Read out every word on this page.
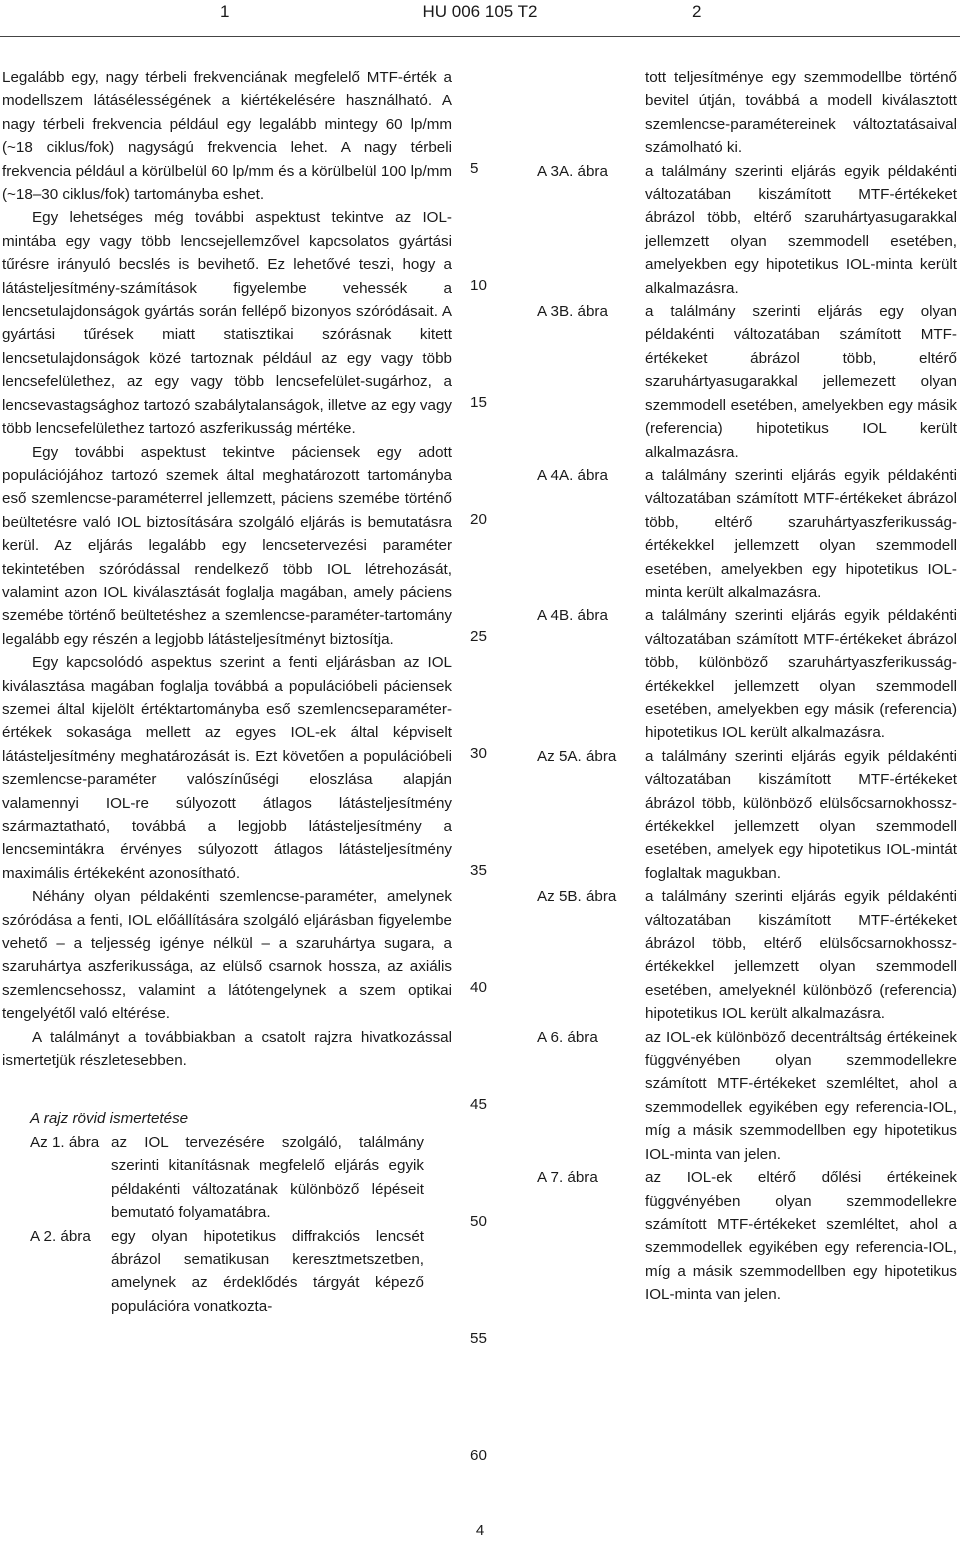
1	HU 006 105 T2	2

Legalább egy, nagy térbeli frekvenciának megfelelő MTF-érték a modellszem látásélességének a kiértékelésére használható. A nagy térbeli frekvencia például egy legalább mintegy 60 lp/mm (~18 ciklus/fok) nagyságú frekvencia lehet. A nagy térbeli frekvencia például a körülbelül 60 lp/mm és a körülbelül 100 lp/mm (~18–30 ciklus/fok) tartományba eshet.

Egy lehetséges még további aspektust tekintve az IOL-mintába egy vagy több lencsejellemzővel kapcsolatos gyártási tűrésre irányuló becslés is bevihető. Ez lehetővé teszi, hogy a látásteljesítmény-számítások figyelembe vehessék a lencsetulajdonságok gyártás során fellépő bizonyos szóródásait. A gyártási tűrések miatt statisztikai szórásnak kitett lencsetulajdonságok közé tartoznak például az egy vagy több lencsefelülethez, az egy vagy több lencsefelület-sugárhoz, a lencsevastagsághoz tartozó szabálytalanságok, illetve az egy vagy több lencsefelülethez tartozó aszferikusság mértéke.

Egy további aspektust tekintve páciensek egy adott populációjához tartozó szemek által meghatározott tartományba eső szemlencse-paraméterrel jellemzett, páciens szemébe történő beültetésre való IOL biztosítására szolgáló eljárás is bemutatásra kerül. Az eljárás legalább egy lencsetervezési paraméter tekintetében szóródással rendelkező több IOL létrehozását, valamint azon IOL kiválasztását foglalja magában, amely páciens szemébe történő beültetéshez a szemlencse-paraméter-tartomány legalább egy részén a legjobb látásteljesítményt biztosítja.

Egy kapcsolódó aspektus szerint a fenti eljárásban az IOL kiválasztása magában foglalja továbbá a populációbeli páciensek szemei által kijelölt értéktartományba eső szemlencseparaméter-értékek sokasága mellett az egyes IOL-ek által képviselt látásteljesítmény meghatározását is. Ezt követően a populációbeli szemlencse-paraméter valószínűségi eloszlása alapján valamennyi IOL-re súlyozott átlagos látásteljesítmény származtatható, továbbá a legjobb látásteljesítmény a lencsemintákra érvényes súlyozott átlagos látásteljesítmény maximális értékeként azonosítható.

Néhány olyan példakénti szemlencse-paraméter, amelynek szóródása a fenti, IOL előállítására szolgáló eljárásban figyelembe vehető – a teljesség igénye nélkül – a szaruhártya sugara, a szaruhártya aszferikussága, az elülső csarnok hossza, az axiális szemlencsehossz, valamint a látótengelynek a szem optikai tengelyétől való eltérése.

A találmányt a továbbiakban a csatolt rajzra hivatkozással ismertetjük részletesebben.

A rajz rövid ismertetése
Az 1. ábra az IOL tervezésére szolgáló, találmány szerinti kitanításnak megfelelő eljárás egyik példakénti változatának különböző lépéseit bemutató folyamatábra.
A 2. ábra	egy olyan hipotetikus diffrakciós lencsét ábrázol sematikusan keresztmetszetben, amelynek az érdeklődés tárgyát képező populációra vonatkozta-
5
10
15
20
25
30
35
40
45
50
55
60
tott teljesítménye egy szemmodellbe történő bevitel útján, továbbá a modell kiválasztott szemlencse-paramétereinek változtatásaival számolható ki.
A 3A. ábra	a találmány szerinti eljárás egyik példakénti változatában kiszámított MTF-értékeket ábrázol több, eltérő szaruhártyasugarakkal jellemzett olyan szemmodell esetében, amelyekben egy hipotetikus IOL-minta került alkalmazásra.
A 3B. ábra	a találmány szerinti eljárás egy olyan példakénti változatában számított MTF-értékeket ábrázol több, eltérő szaruhártyasugarakkal jellemezett olyan szemmodell esetében, amelyekben egy másik (referencia) hipotetikus IOL került alkalmazásra.
A 4A. ábra	a találmány szerinti eljárás egyik példakénti változatában számított MTF-értékeket ábrázol több, eltérő szaruhártyaszferikusság-értékekkel jellemzett olyan szemmodell esetében, amelyekben egy hipotetikus IOL-minta került alkalmazásra.
A 4B. ábra	a találmány szerinti eljárás egyik példakénti változatában számított MTF-értékeket ábrázol több, különböző szaruhártyaszferikusság-értékekkel jellemzett olyan szemmodell esetében, amelyekben egy másik (referencia) hipotetikus IOL került alkalmazásra.
Az 5A. ábra	a találmány szerinti eljárás egyik példakénti változatában kiszámított MTF-értékeket ábrázol több, különböző elülsőcsarnokhossz-értékekkel jellemzett olyan szemmodell esetében, amelyek egy hipotetikus IOL-mintát foglaltak magukban.
Az 5B. ábra	a találmány szerinti eljárás egyik példakénti változatában kiszámított MTF-értékeket ábrázol több, eltérő elülsőcsarnokhossz-értékekkel jellemzett olyan szemmodell esetében, amelyeknél különböző (referencia) hipotetikus IOL került alkalmazásra.
A 6. ábra	az IOL-ek különböző decentráltság értékeinek függvényében olyan szemmodellekre számított MTF-értékeket szemléltet, ahol a szemmodellek egyikében egy referencia-IOL, míg a másik szemmodellben egy hipotetikus IOL-minta van jelen.
A 7. ábra	az IOL-ek eltérő dőlési értékeinek függvényében olyan szemmodellekre számított MTF-értékeket szemléltet, ahol a szemmodellek egyikében egy referencia-IOL, míg a másik szemmodellben egy hipotetikus IOL-minta van jelen.
4
